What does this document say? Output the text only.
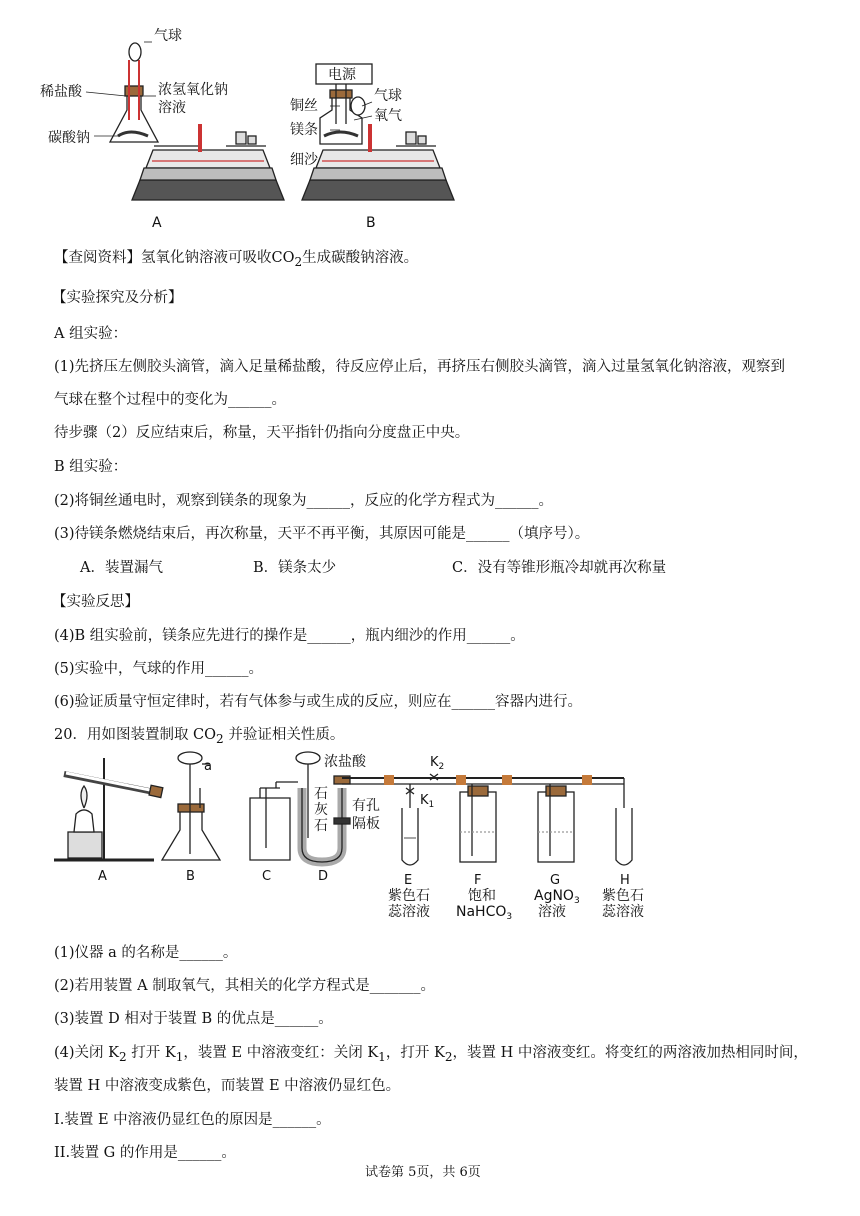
气球
稀盐酸	浓氢氧化钠
溶液
碳酸钠
A
电源
铜丝
气球
镁条
氧气
细沙
B
【查阅资料】氢氧化钠溶液可吸收$CO_2$生成碳酸钠溶液。
【实验探究及分析】
A 组实验：
(1)先挤压左侧胶头滴管，滴入足量稀盐酸，待反应停止后，再挤压右侧胶头滴管，滴入过量氢氧化钠溶液，观察到
气球在整个过程中的变化为______。
待步骤（2）反应结束后，称量，天平指针仍指向分度盘正中央。
B 组实验：
(2)将铜丝通电时，观察到镁条的现象为______，反应的化学方程式为______。
(3)待镁条燃烧结束后，再次称量，天平不再平衡，其原因可能是______（填序号）。
A．装置漏气	B．镁条太少	C．没有等锥形瓶冷却就再次称量
【实验反思】
(4)B 组实验前，镁条应先进行的操作是______，瓶内细沙的作用______。
(5)实验中，气球的作用______。
(6)验证质量守恒定律时，若有气体参与或生成的反应，则应在______容器内进行。
20．用如图装置制取 $CO_2$ 并验证相关性质。
A
a
B	C	D
浓盐酸
石
灰
石
有孔
隔板
$K_2$
$K_1$
E
紫色石
蕊溶液
F
饱和
NaHCO$_3$
G
AgNO$_3$
溶液
H
紫色石
蕊溶液
(1)仪器 a 的名称是______。
(2)若用装置 A 制取氧气，其相关的化学方程式是_______。
(3)装置 D 相对于装置 B 的优点是______。
(4)关闭 $K_2$ 打开 $K_1$，装置 E 中溶液变红：关闭 $K_1$，打开 $K_2$，装置 H 中溶液变红。将变红的两溶液加热相同时间，
装置 H 中溶液变成紫色，而装置 E 中溶液仍显红色。
I.装置 E 中溶液仍显红色的原因是______。
II.装置 G 的作用是______。
试卷第 5页，共 6页
